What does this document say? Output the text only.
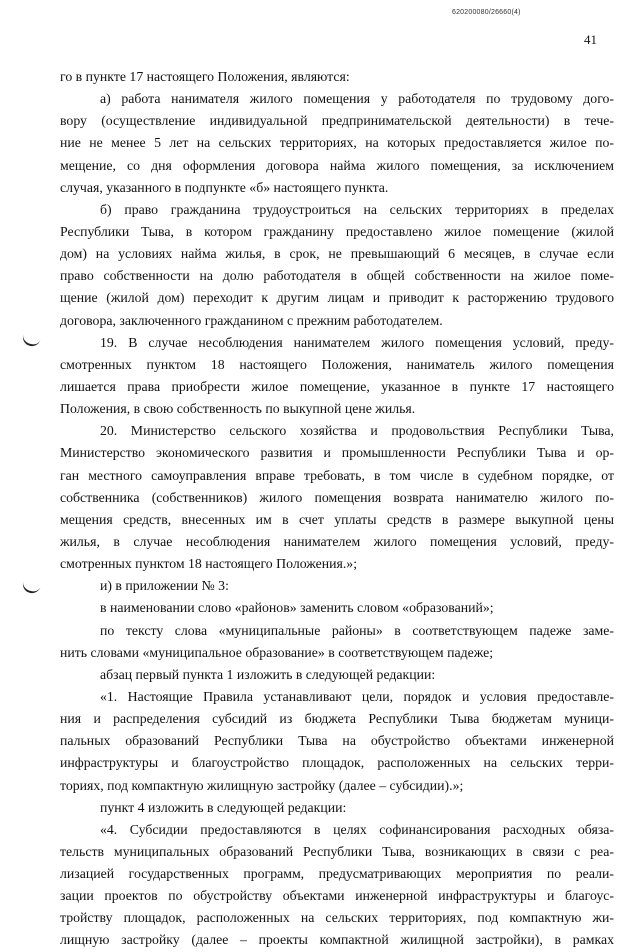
620200080/26660(4)
41
го в пункте 17 настоящего Положения, являются:
а) работа нанимателя жилого помещения у работодателя по трудовому дого-
вору (осуществление индивидуальной предпринимательской деятельности) в тече-
ние не менее 5 лет на сельских территориях, на которых предоставляется жилое по-
мещение, со дня оформления договора найма жилого помещения, за исключением
случая, указанного в подпункте «б» настоящего пункта.
б) право гражданина трудоустроиться на сельских территориях в пределах
Республики Тыва, в котором гражданину предоставлено жилое помещение (жилой
дом) на условиях найма жилья, в срок, не превышающий 6 месяцев, в случае если
право собственности на долю работодателя в общей собственности на жилое поме-
щение (жилой дом) переходит к другим лицам и приводит к расторжению трудового
договора, заключенного гражданином с прежним работодателем.
19. В случае несоблюдения нанимателем жилого помещения условий, преду-
смотренных пунктом 18 настоящего Положения, наниматель жилого помещения
лишается права приобрести жилое помещение, указанное в пункте 17 настоящего
Положения, в свою собственность по выкупной цене жилья.
20. Министерство сельского хозяйства и продовольствия Республики Тыва,
Министерство экономического развития и промышленности Республики Тыва и ор-
ган местного самоуправления вправе требовать, в том числе в судебном порядке, от
собственника (собственников) жилого помещения возврата нанимателю жилого по-
мещения средств, внесенных им в счет уплаты средств в размере выкупной цены
жилья, в случае несоблюдения нанимателем жилого помещения условий, преду-
смотренных пунктом 18 настоящего Положения.»;
и) в приложении № 3:
в наименовании слово «районов» заменить словом «образований»;
по тексту слова «муниципальные районы» в соответствующем падеже заме-
нить словами «муниципальное образование» в соответствующем падеже;
абзац первый пункта 1 изложить в следующей редакции:
«1. Настоящие Правила устанавливают цели, порядок и условия предоставле-
ния и распределения субсидий из бюджета Республики Тыва бюджетам муници-
пальных образований Республики Тыва на обустройство объектами инженерной
инфраструктуры и благоустройство площадок, расположенных на сельских терри-
ториях, под компактную жилищную застройку (далее – субсидии).»;
пункт 4 изложить в следующей редакции:
«4. Субсидии предоставляются в целях софинансирования расходных обяза-
тельств муниципальных образований Республики Тыва, возникающих в связи с реа-
лизацией государственных программ, предусматривающих мероприятия по реали-
зации проектов по обустройству объектами инженерной инфраструктуры и благоус-
тройству площадок, расположенных на сельских территориях, под компактную жи-
лищную застройку (далее – проекты компактной жилищной застройки), в рамках
